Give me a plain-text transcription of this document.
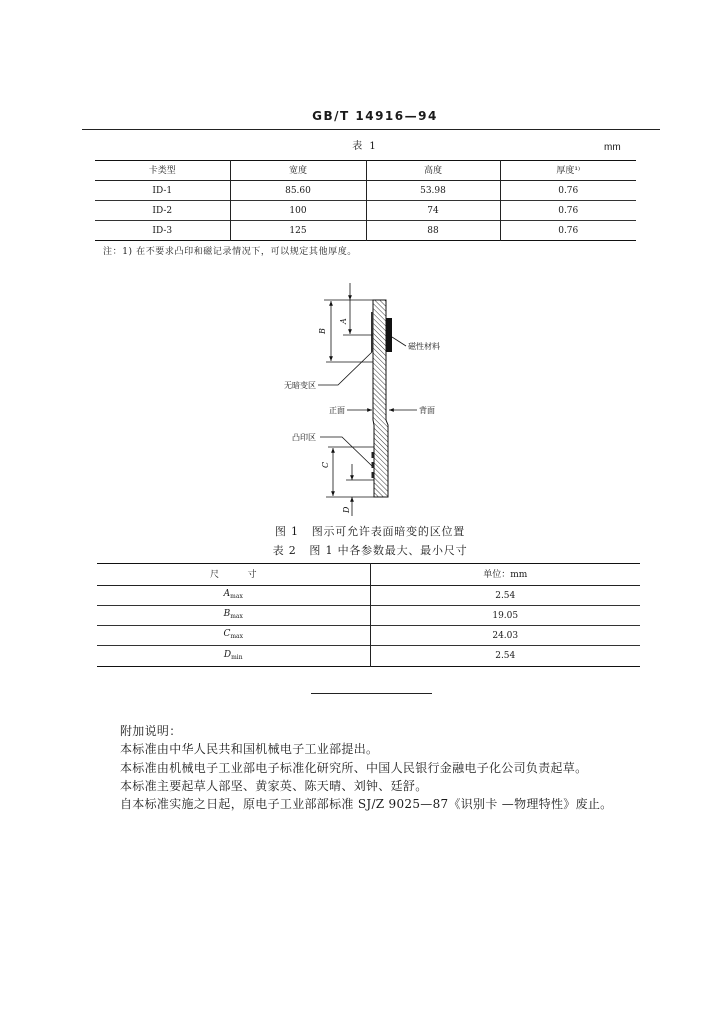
GB/T 14916—94
表 1	mm
卡类型	宽度	高度	厚度¹⁾
ID-1	85.60	53.98	0.76
ID-2	100	74	0.76
ID-3	125	88	0.76
注：1) 在不要求凸印和磁记录情况下，可以规定其他厚度。
B
A
C
D
磁性材料
无暗变区
正面	背面
凸印区
图 1   图示可允许表面暗变的区位置
表 2   图 1 中各参数最大、最小尺寸
尺          寸	单位：mm
$A_{max}$	2.54
$B_{max}$	19.05
$C_{max}$	24.03
$D_{min}$	2.54
附加说明：
本标准由中华人民共和国机械电子工业部提出。
本标准由机械电子工业部电子标准化研究所、中国人民银行金融电子化公司负责起草。
本标准主要起草人部坚、黄家英、陈天晴、刘钟、廷舒。
自本标准实施之日起，原电子工业部部标准 SJ/Z 9025—87《识别卡 —物理特性》废止。
